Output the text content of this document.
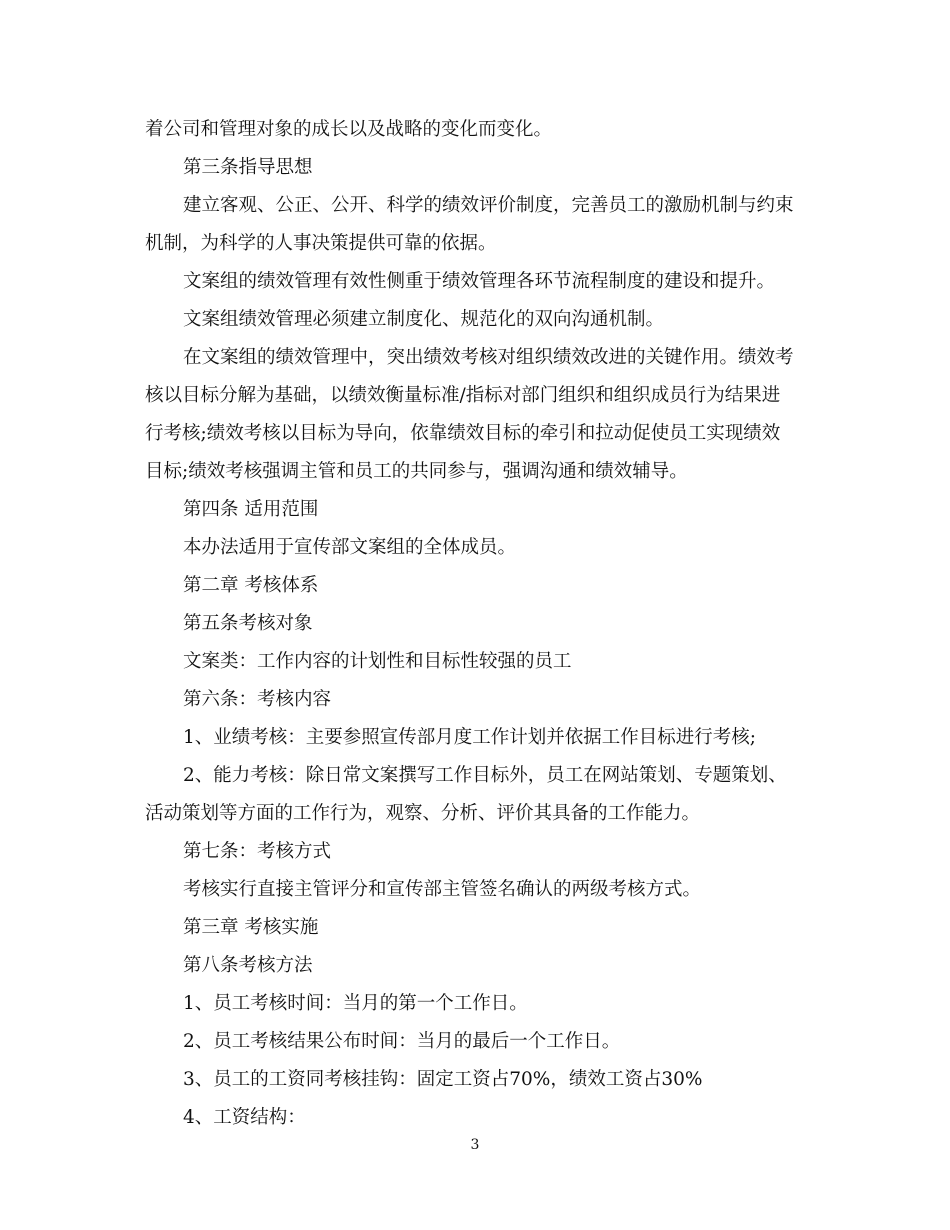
着公司和管理对象的成长以及战略的变化而变化。
第三条指导思想
建立客观、公正、公开、科学的绩效评价制度，完善员工的激励机制与约束
机制，为科学的人事决策提供可靠的依据。
文案组的绩效管理有效性侧重于绩效管理各环节流程制度的建设和提升。
文案组绩效管理必须建立制度化、规范化的双向沟通机制。
在文案组的绩效管理中，突出绩效考核对组织绩效改进的关键作用。绩效考
核以目标分解为基础，以绩效衡量标准/指标对部门组织和组织成员行为结果进
行考核;绩效考核以目标为导向，依靠绩效目标的牵引和拉动促使员工实现绩效
目标;绩效考核强调主管和员工的共同参与，强调沟通和绩效辅导。
第四条 适用范围
本办法适用于宣传部文案组的全体成员。
第二章 考核体系
第五条考核对象
文案类：工作内容的计划性和目标性较强的员工
第六条：考核内容
1、业绩考核：主要参照宣传部月度工作计划并依据工作目标进行考核;
2、能力考核：除日常文案撰写工作目标外，员工在网站策划、专题策划、
活动策划等方面的工作行为，观察、分析、评价其具备的工作能力。
第七条：考核方式
考核实行直接主管评分和宣传部主管签名确认的两级考核方式。
第三章 考核实施
第八条考核方法
1、员工考核时间：当月的第一个工作日。
2、员工考核结果公布时间：当月的最后一个工作日。
3、员工的工资同考核挂钩：固定工资占70%，绩效工资占30%
4、工资结构：
3
